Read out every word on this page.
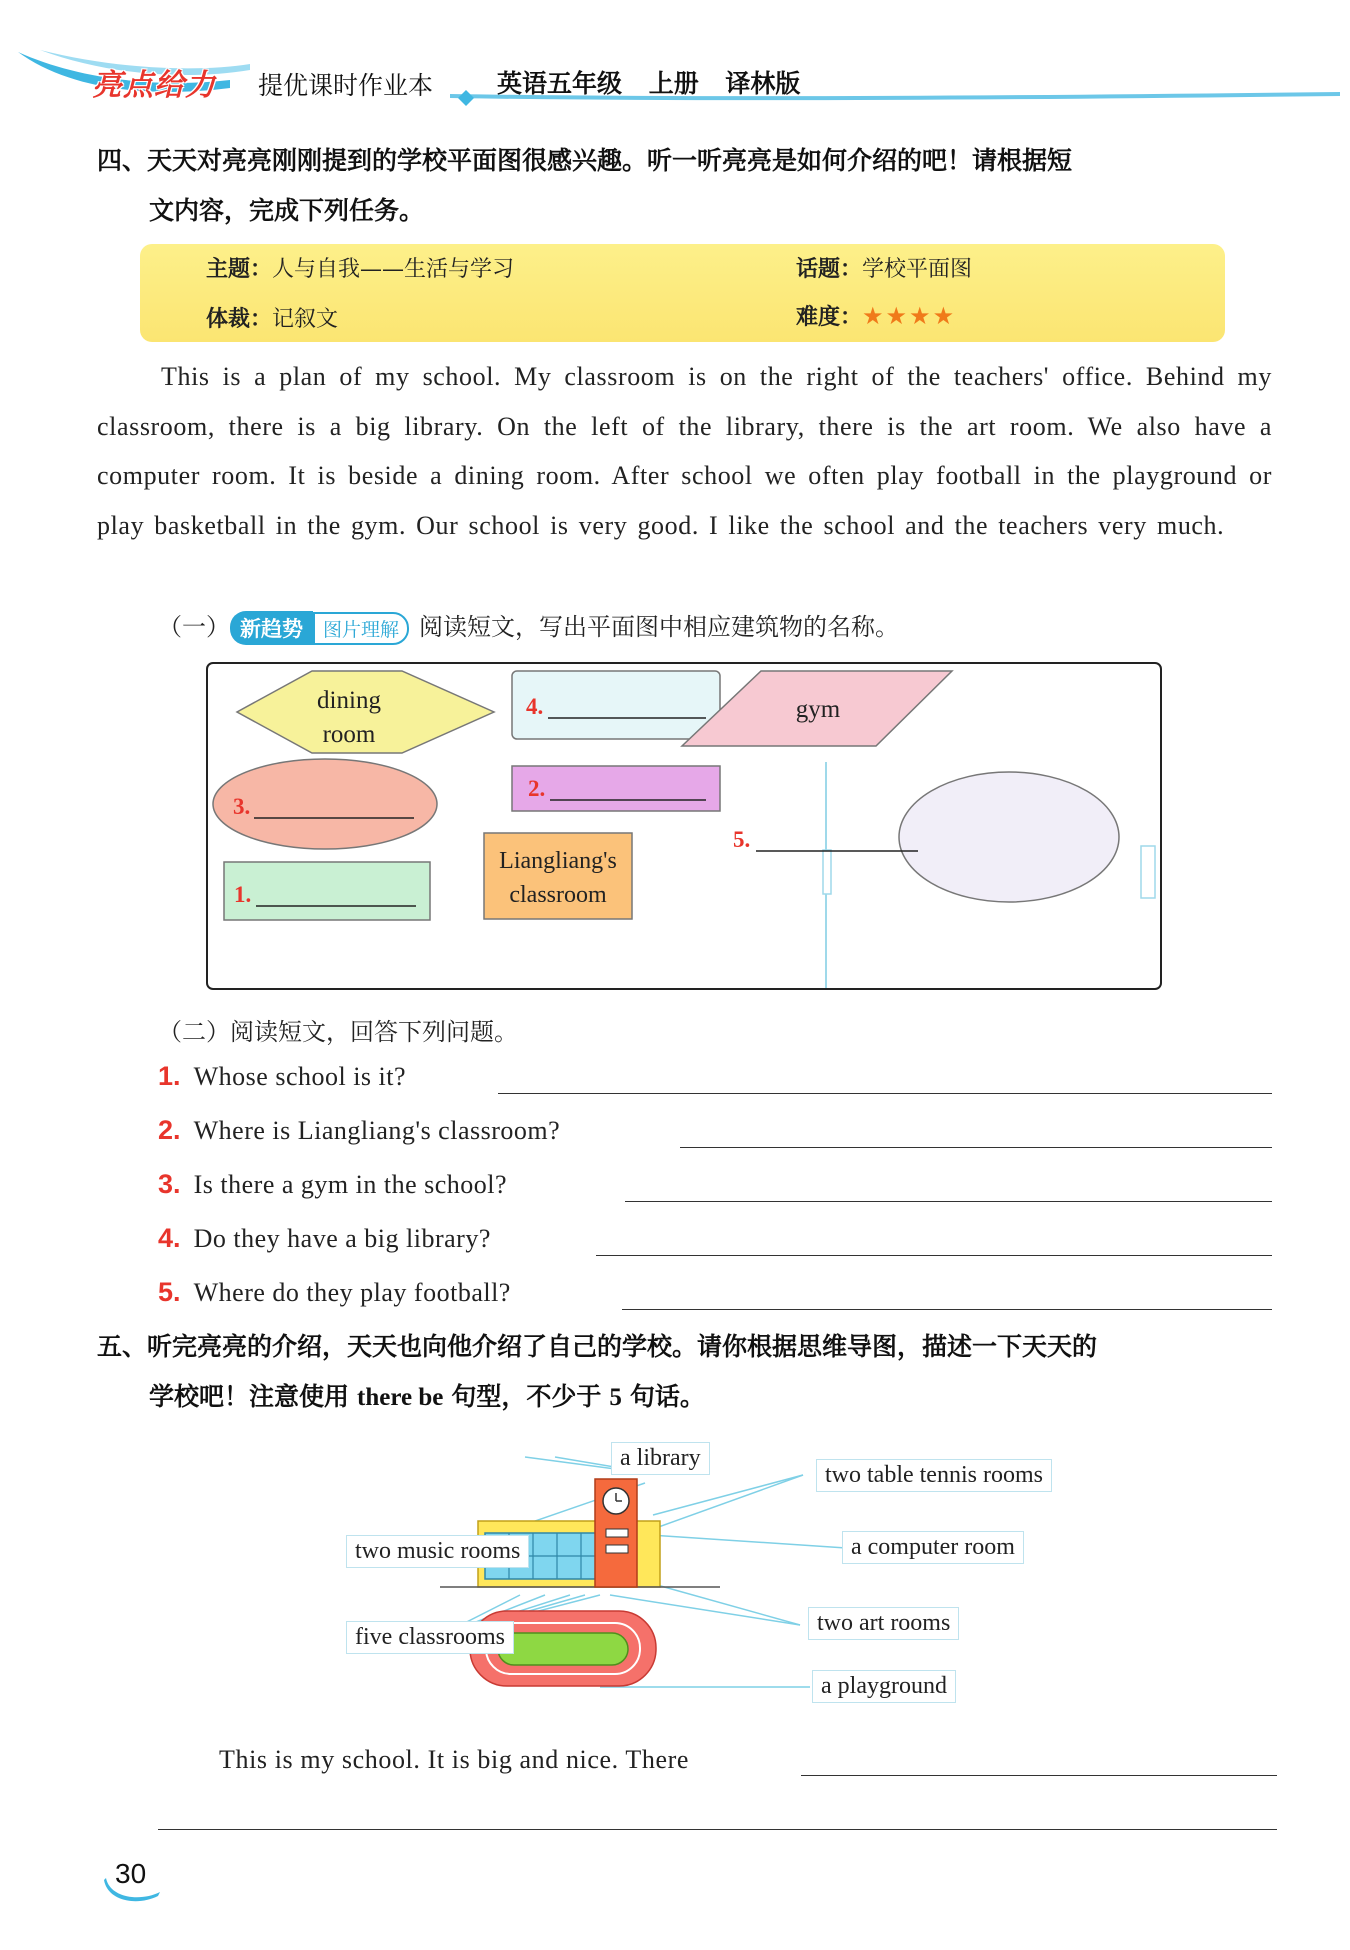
亮点给力 提优课时作业本	英语五年级 上册 译林版
四、天天对亮亮刚刚提到的学校平面图很感兴趣。听一听亮亮是如何介绍的吧！请根据短
文内容，完成下列任务。
主题：人与自我——生活与学习	话题：学校平面图
体裁：记叙文	难度：★★★★

This is a plan of my school. My classroom is on the right of the teachers' office. Behind my classroom, there is a big library. On the left of the library, there is the art room. We also have a computer room. It is beside a dining room. After school we often play football in the playground or play basketball in the gym. Our school is very good. I like the school and the teachers very much.

（一） 新趋势 图片理解 阅读短文，写出平面图中相应建筑物的名称。
dining
room
4.	gym
2.
3.
5.
1.
Liangliang's
classroom
（二）阅读短文，回答下列问题。
1. Whose school is it?
2. Where is Liangliang's classroom?
3. Is there a gym in the school?
4. Do they have a big library?
5. Where do they play football?
五、听完亮亮的介绍，天天也向他介绍了自己的学校。请你根据思维导图，描述一下天天的
学校吧！注意使用 there be 句型，不少于 5 句话。
a library
two table tennis rooms
two music rooms	a computer room
five classrooms
two art rooms
a playground
This is my school. It is big and nice. There
30
